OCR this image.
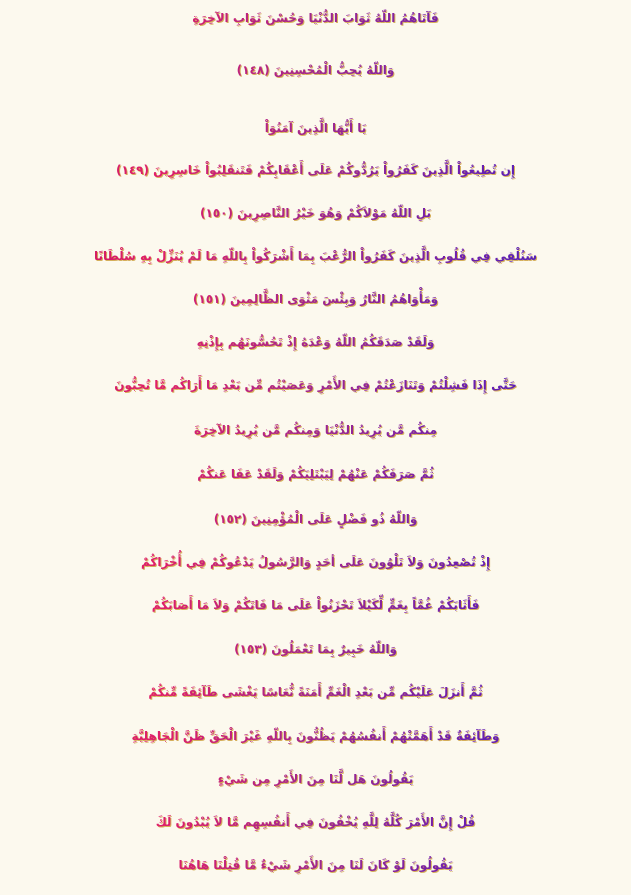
فَآتَاهُمُ اللّهُ ثَوَابَ الدُّنْيَا وَحُسْنَ ثَوَابِ الآخِرَةِ
وَاللّهُ يُحِبُّ الْمُحْسِنِينَ (١٤٨)
يَا أَيُّهَا الَّذِينَ آمَنُوَاْ
إِن تُطِيعُواْ الَّذِينَ كَفَرُواْ يَرُدُّوكُمْ عَلَى أَعْقَابِكُمْ فَتَنقَلِبُواْ خَاسِرِينَ (١٤٩)
بَلِ اللّهُ مَوْلاَكُمْ وَهُوَ خَيْرُ النَّاصِرِينَ (١٥٠)
سَنُلْقِي فِي قُلُوبِ الَّذِينَ كَفَرُواْ الرُّعْبَ بِمَا أَشْرَكُواْ بِاللّهِ مَا لَمْ يُنَزِّلْ بِهِ سُلْطَانًا
وَمَأْوَاهُمُ النَّارُ وَبِئْسَ مَثْوَى الظَّالِمِينَ (١٥١)
وَلَقَدْ صَدَقَكُمُ اللّهُ وَعْدَهُ إِذْ تَحُسُّونَهُم بِإِذْنِهِ
حَتَّى إِذَا فَشِلْتُمْ وَتَنَازَعْتُمْ فِي الأَمْرِ وَعَصَيْتُم مِّن بَعْدِ مَا أَرَاكُم مَّا تُحِبُّونَ
مِنكُم مَّن يُرِيدُ الدُّنْيَا وَمِنكُم مَّن يُرِيدُ الآخِرَةَ
ثُمَّ صَرَفَكُمْ عَنْهُمْ لِيَبْتَلِيَكُمْ وَلَقَدْ عَفَا عَنكُمْ
وَاللّهُ ذُو فَضْلٍ عَلَى الْمُؤْمِنِينَ (١٥٢)
إِذْ تُصْعِدُونَ وَلاَ تَلْوُونَ عَلَى أحَدٍ وَالرَّسُولُ يَدْعُوكُمْ فِي أُخْرَاكُمْ
فَأَثَابَكُمْ غُمَّاً بِغَمٍّ لِّكَيْلاَ تَحْزَنُواْ عَلَى مَا فَاتَكُمْ وَلاَ مَا أَصَابَكُمْ
وَاللّهُ خَبِيرٌ بِمَا تَعْمَلُونَ (١٥٣)
ثُمَّ أَنزَلَ عَلَيْكُم مِّن بَعْدِ الْغَمِّ أَمَنَةً نُّعَاسًا يَغْشَى طَآئِفَةً مِّنكُمْ
وَطَآئِفَةٌ قَدْ أَهَمَّتْهُمْ أَنفُسُهُمْ يَظُنُّونَ بِاللّهِ غَيْرَ الْحَقِّ ظَنَّ الْجَاهِلِيَّةِ
يَقُولُونَ هَل لَّنَا مِنَ الأَمْرِ مِن شَيْءٍ
قُلْ إِنَّ الأَمْرَ كُلَّهُ لِلَّهِ يُخْفُونَ فِي أَنفُسِهِم مَّا لاَ يُبْدُونَ لَكَ
يَقُولُونَ لَوْ كَانَ لَنَا مِنَ الأَمْرِ شَيْءٌ مَّا قُتِلْنَا هَاهُنَا
